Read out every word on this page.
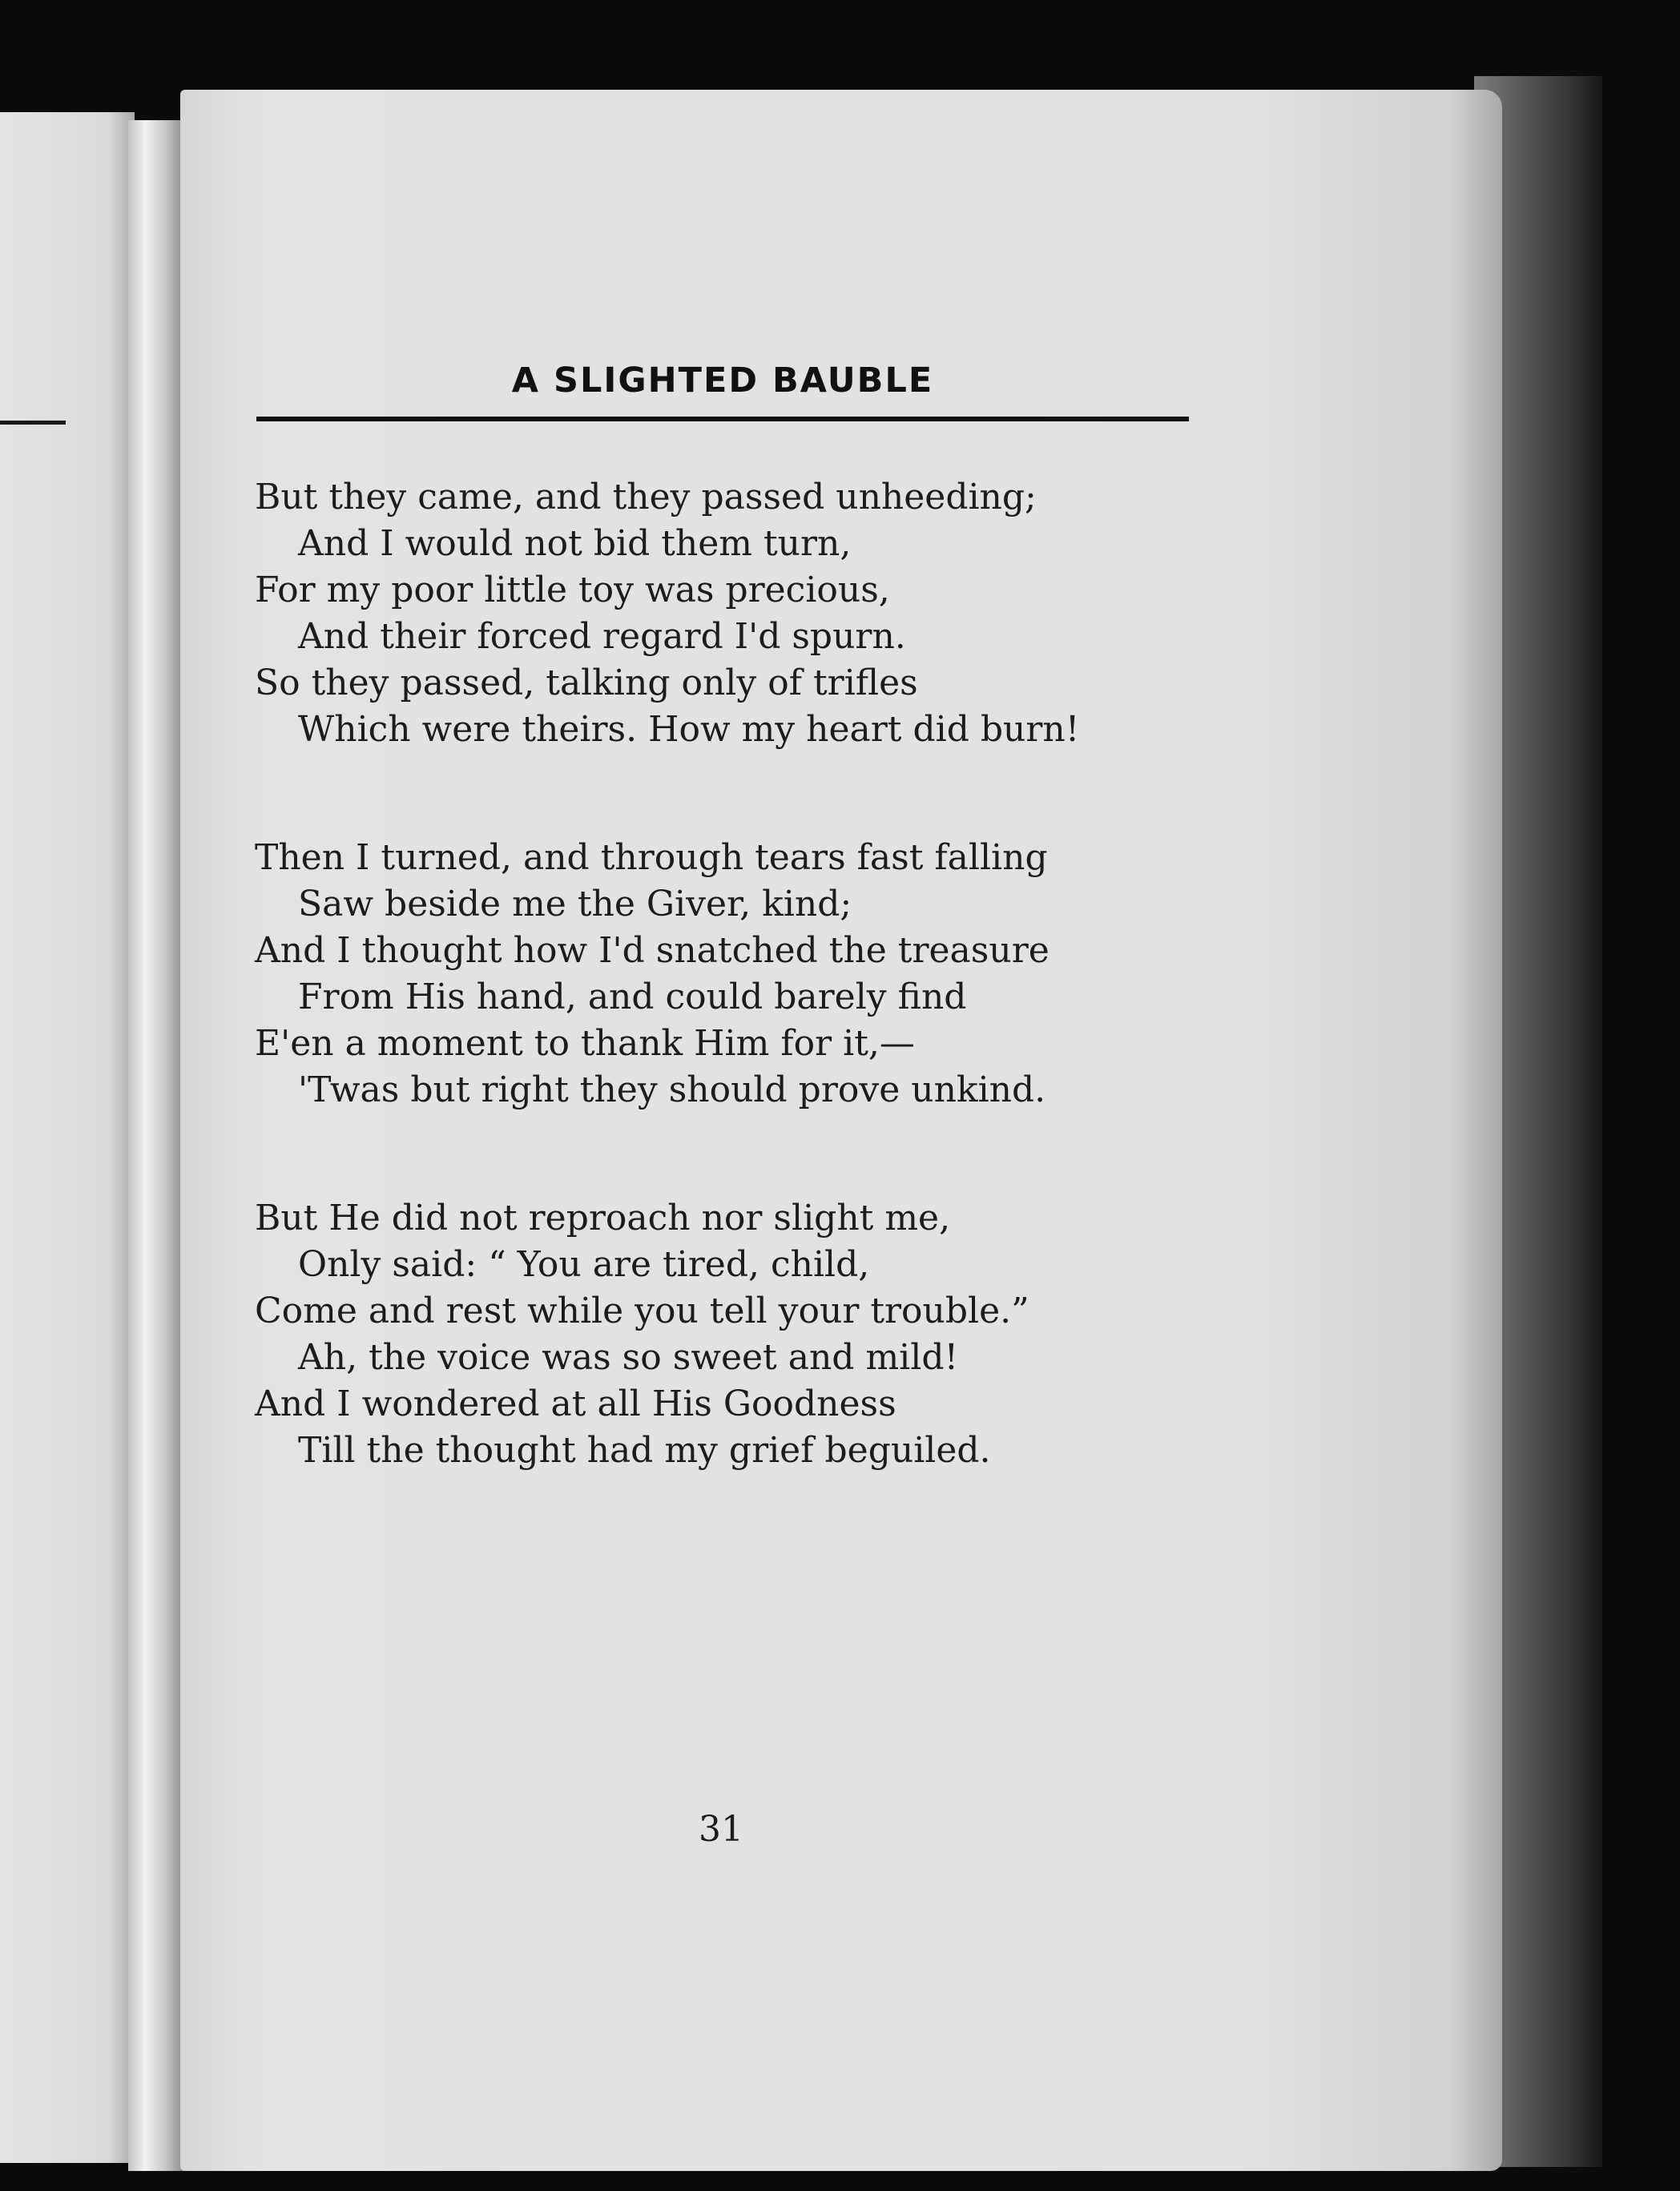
A SLIGHTED BAUBLE
But they came, and they passed unheeding;
And I would not bid them turn,
For my poor little toy was precious,
And their forced regard I'd spurn.
So they passed, talking only of trifles
Which were theirs. How my heart did burn!
Then I turned, and through tears fast falling
Saw beside me the Giver, kind;
And I thought how I'd snatched the treasure
From His hand, and could barely find
E'en a moment to thank Him for it,—
'Twas but right they should prove unkind.
But He did not reproach nor slight me,
Only said: “ You are tired, child,
Come and rest while you tell your trouble.”
Ah, the voice was so sweet and mild!
And I wondered at all His Goodness
Till the thought had my grief beguiled.
31
